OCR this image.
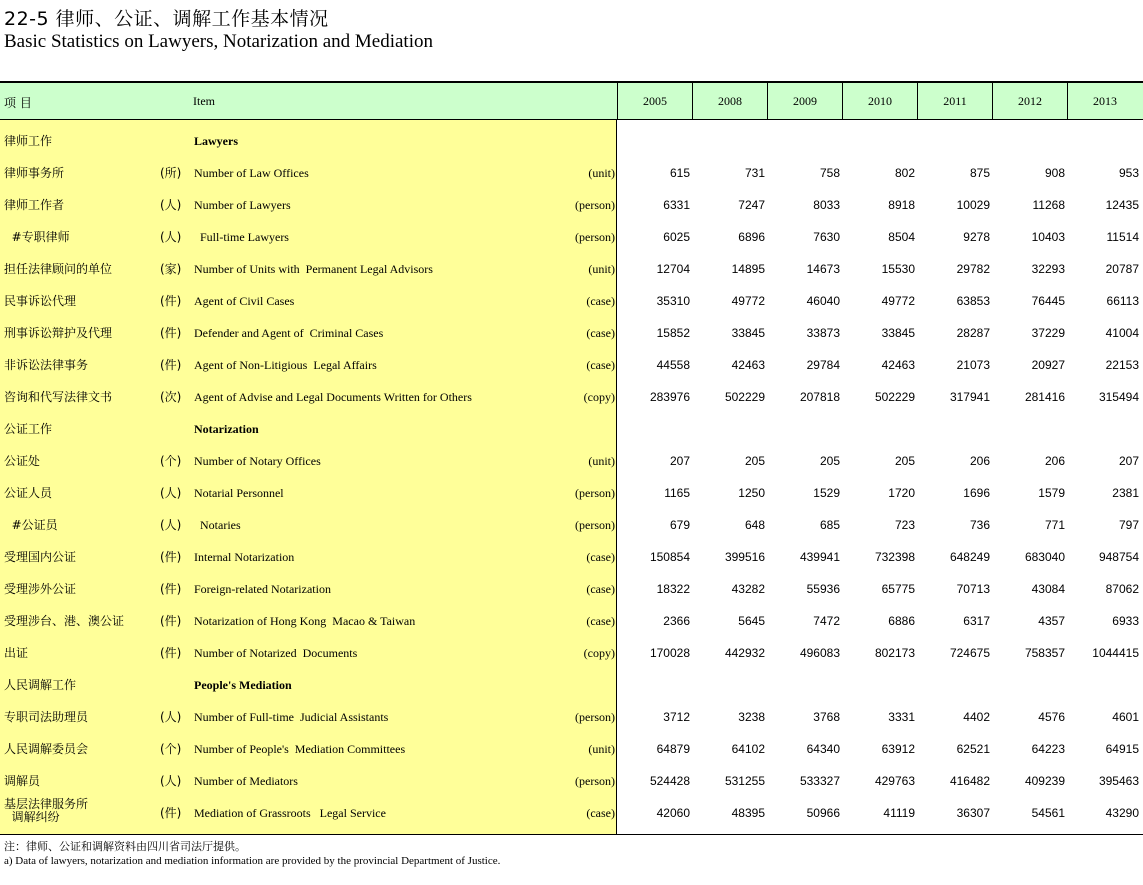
22-5 律师、公证、调解工作基本情况
Basic Statistics on Lawyers, Notarization and Mediation
项 目	Item	2005	2008	2009	2010	2011	2012	2013
律师工作	Lawyers
律师事务所	(所) Number of Law Offices	(unit)	615	731	758	802	875	908	953
律师工作者	(人) Number of Lawyers	(person)	6331	7247	8033	8918	10029	11268	12435
#专职律师	(人) Full-time Lawyers	(person)	6025	6896	7630	8504	9278	10403	11514
担任法律顾问的单位	(家) Number of Units with  Permanent Legal Advisors	(unit)	12704	14895	14673	15530	29782	32293	20787
民事诉讼代理	(件) Agent of Civil Cases	(case)	35310	49772	46040	49772	63853	76445	66113
刑事诉讼辩护及代理	(件) Defender and Agent of  Criminal Cases	(case)	15852	33845	33873	33845	28287	37229	41004
非诉讼法律事务	(件) Agent of Non-Litigious  Legal Affairs	(case)	44558	42463	29784	42463	21073	20927	22153
咨询和代写法律文书	(次) Agent of Advise and Legal Documents Written for Others	(copy)	283976	502229	207818	502229	317941	281416	315494
公证工作	Notarization
公证处	(个) Number of Notary Offices	(unit)	207	205	205	205	206	206	207
公证人员	(人) Notarial Personnel	(person)	1165	1250	1529	1720	1696	1579	2381
#公证员	(人) Notaries	(person)	679	648	685	723	736	771	797
受理国内公证	(件) Internal Notarization	(case)	150854	399516	439941	732398	648249	683040	948754
受理涉外公证	(件) Foreign-related Notarization	(case)	18322	43282	55936	65775	70713	43084	87062
受理涉台、港、澳公证	(件) Notarization of Hong Kong  Macao & Taiwan	(case)	2366	5645	7472	6886	6317	4357	6933
出证	(件) Number of Notarized  Documents	(copy)	170028	442932	496083	802173	724675	758357	1044415
人民调解工作	People's Mediation
专职司法助理员	(人) Number of Full-time  Judicial Assistants	(person)	3712	3238	3768	3331	4402	4576	4601
人民调解委员会	(个) Number of People's  Mediation Committees	(unit)	64879	64102	64340	63912	62521	64223	64915
调解员	(人) Number of Mediators	(person)	524428	531255	533327	429763	416482	409239	395463
基层法律服务所
调解纠纷	(件) Mediation of Grassroots   Legal Service	(case)	42060	48395	50966	41119	36307	54561	43290
注：律师、公证和调解资料由四川省司法厅提供。
a) Data of lawyers, notarization and mediation information are provided by the provincial Department of Justice.
